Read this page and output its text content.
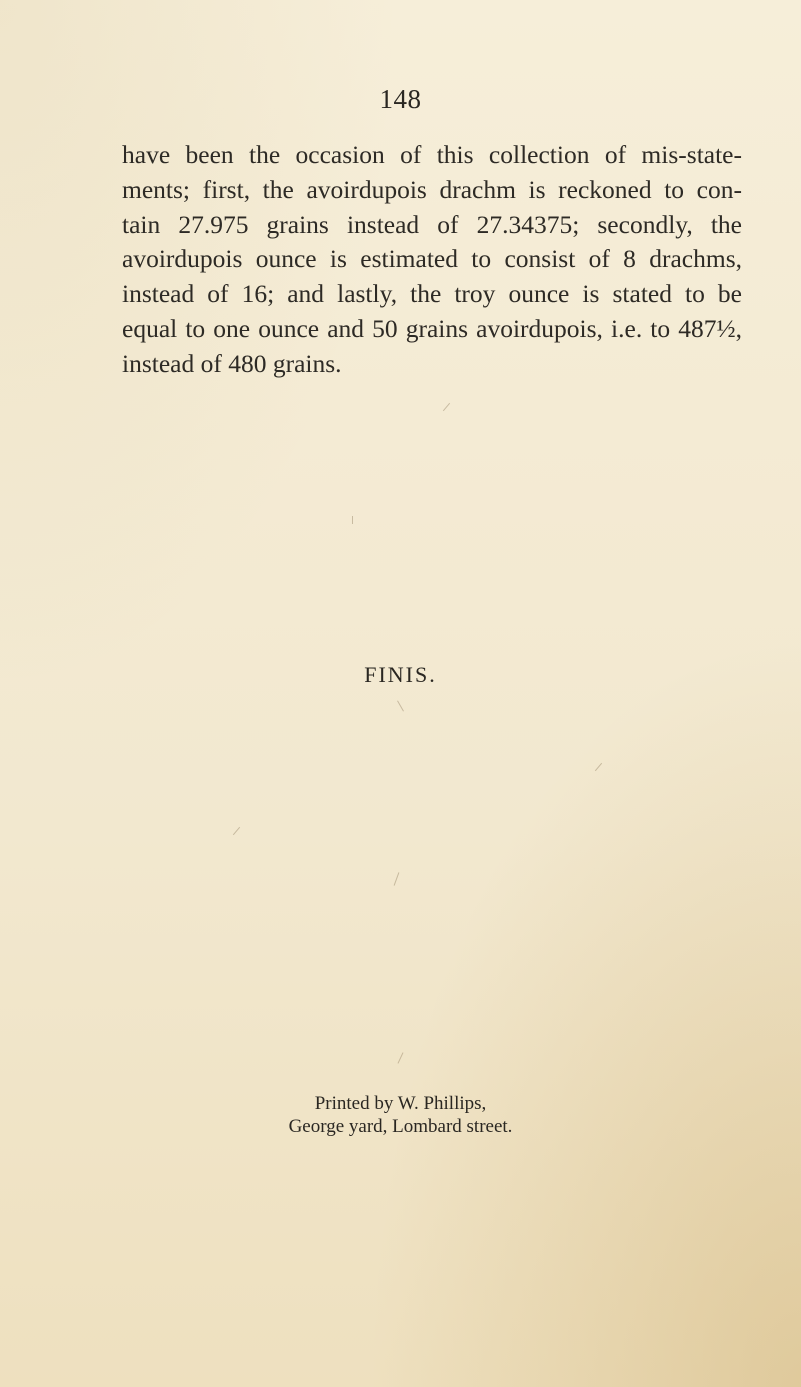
148

have been the occasion of this collection of mis-state-
ments; first, the avoirdupois drachm is reckoned to con-
tain 27.975 grains instead of 27.34375; secondly, the
avoirdupois ounce is estimated to consist of 8 drachms,
instead of 16; and lastly, the troy ounce is stated to be
equal to one ounce and 50 grains avoirdupois, i.e. to 487½,
instead of 480 grains.

FINIS.
Printed by W. Phillips,
George yard, Lombard street.
